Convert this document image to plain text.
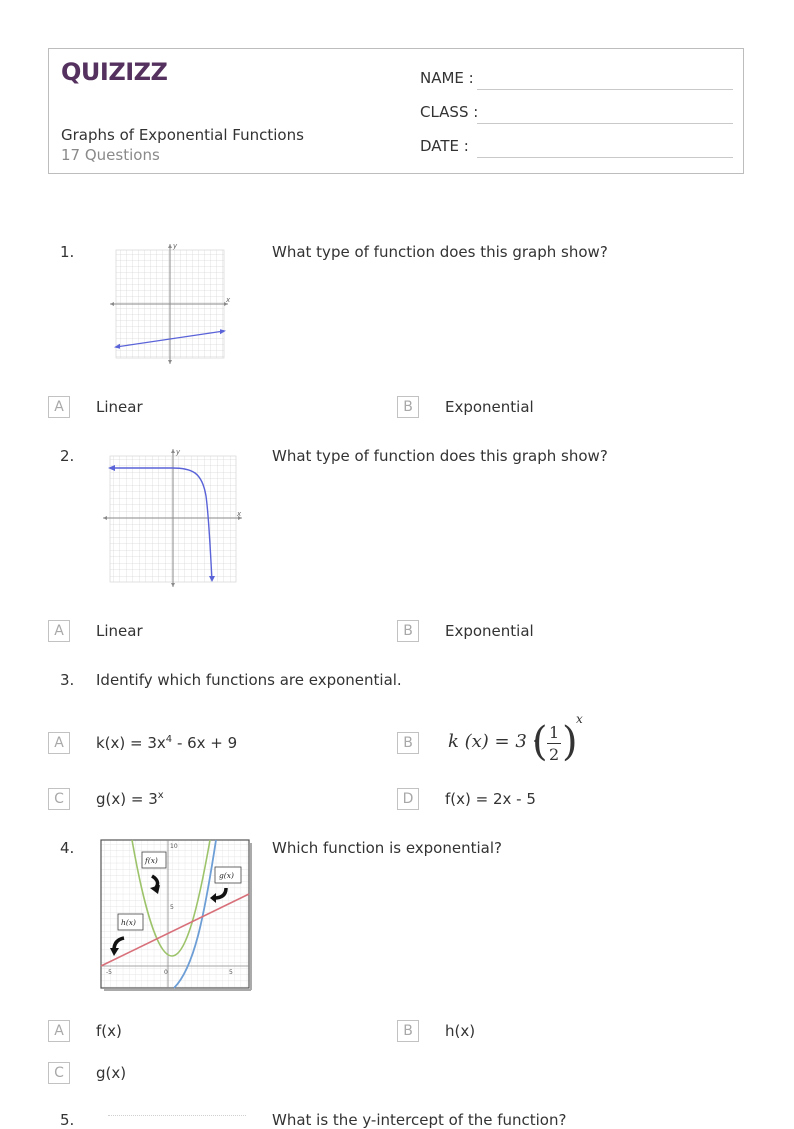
QUIZIZZ
Graphs of Exponential Functions
17 Questions
NAME :
CLASS :
DATE :
1.
x
y	What type of function does this graph show?
A	Linear	B	Exponential
2.
x
y	What type of function does this graph show?
A	Linear	B	Exponential
3. Identify which functions are exponential.
A	$k(x) = 3x^4 - 6x + 9$	B	k (x) = 3 ·
( 1
2 )
x
C	$g(x) = 3^x$	D	f(x) = 2x - 5
4.	10
5
-5	0	5
f(x)
g(x)
h(x)
Which function is exponential?
A	f(x)	B	h(x)
C	g(x)
5.	What is the y-intercept of the function?
